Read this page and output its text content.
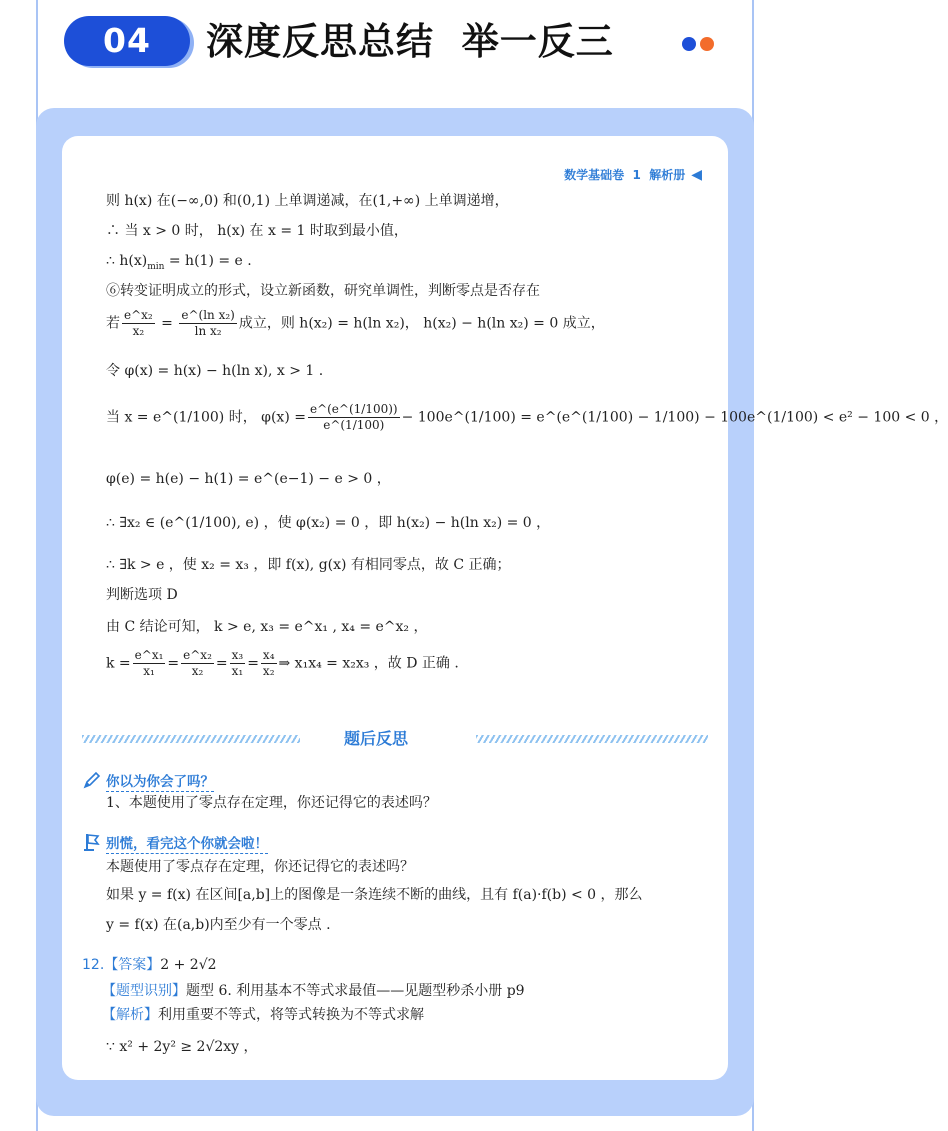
04	深度反思总结  举一反三

数学基础卷  1  解析册 ◀

则 h(x) 在(−∞,0) 和(0,1) 上单调递减，在(1,+∞) 上单调递增，
∴ 当 x > 0 时， h(x) 在 x = 1 时取到最小值，
∴ $h(x)_{min} = h(1) = e$ .
⑥转变证明成立的形式，设立新函数，研究单调性，判断零点是否存在
若 $\frac{\text{e\textasciicircum{}x₂}}{\text{x₂}} = \frac{\text{e\textasciicircum{}(ln x₂)}}{\text{ln x₂}}$ 成立，则 h(x₂) = h(ln x₂)， h(x₂) − h(ln x₂) = 0 成立，
令 φ(x) = h(x) − h(ln x), x > 1 .
当 x = e^(1/100) 时， $\varphi(x) = \frac{e\^{}(e\^{}(1/100))}{e\^{}(1/100)}$ − 100e^(1/100) = e^(e^(1/100) − 1/100) − 100e^(1/100) < e² − 100 < 0 ，
φ(e) = h(e) − h(1) = e^(e−1) − e > 0 ，
∴ ∃x₂ ∈ (e^(1/100), e) ，使 φ(x₂) = 0 ，即 h(x₂) − h(ln x₂) = 0 ，
∴ ∃k > e ，使 x₂ = x₃ ，即 f(x), g(x) 有相同零点，故 C 正确；
判断选项 D
由 C 结论可知， k > e, x₃ = e^x₁ , x₄ = e^x₂ ，
$k = \frac{\text{e\textasciicircum{}x₁}}{\text{x₁}} = \frac{\text{e\textasciicircum{}x₂}}{\text{x₂}} = \frac{\text{x₃}}{\text{x₁}} = \frac{\text{x₄}}{\text{x₂}}$ ⇒ x₁x₄ = x₂x₃ ，故 D 正确 .
题后反思
你以为你会了吗？
1、本题使用了零点存在定理，你还记得它的表述吗？
别慌，看完这个你就会啦！
本题使用了零点存在定理，你还记得它的表述吗？
如果 y = f(x) 在区间[a,b]上的图像是一条连续不断的曲线，且有 f(a)·f(b) < 0 ，那么
y = f(x) 在(a,b)内至少有一个零点 .
12.【答案】2 + 2√2
【题型识别】题型 6. 利用基本不等式求最值——见题型秒杀小册 p9
【解析】利用重要不等式，将等式转换为不等式求解
∵ x² + 2y² ≥ 2√2xy ，
